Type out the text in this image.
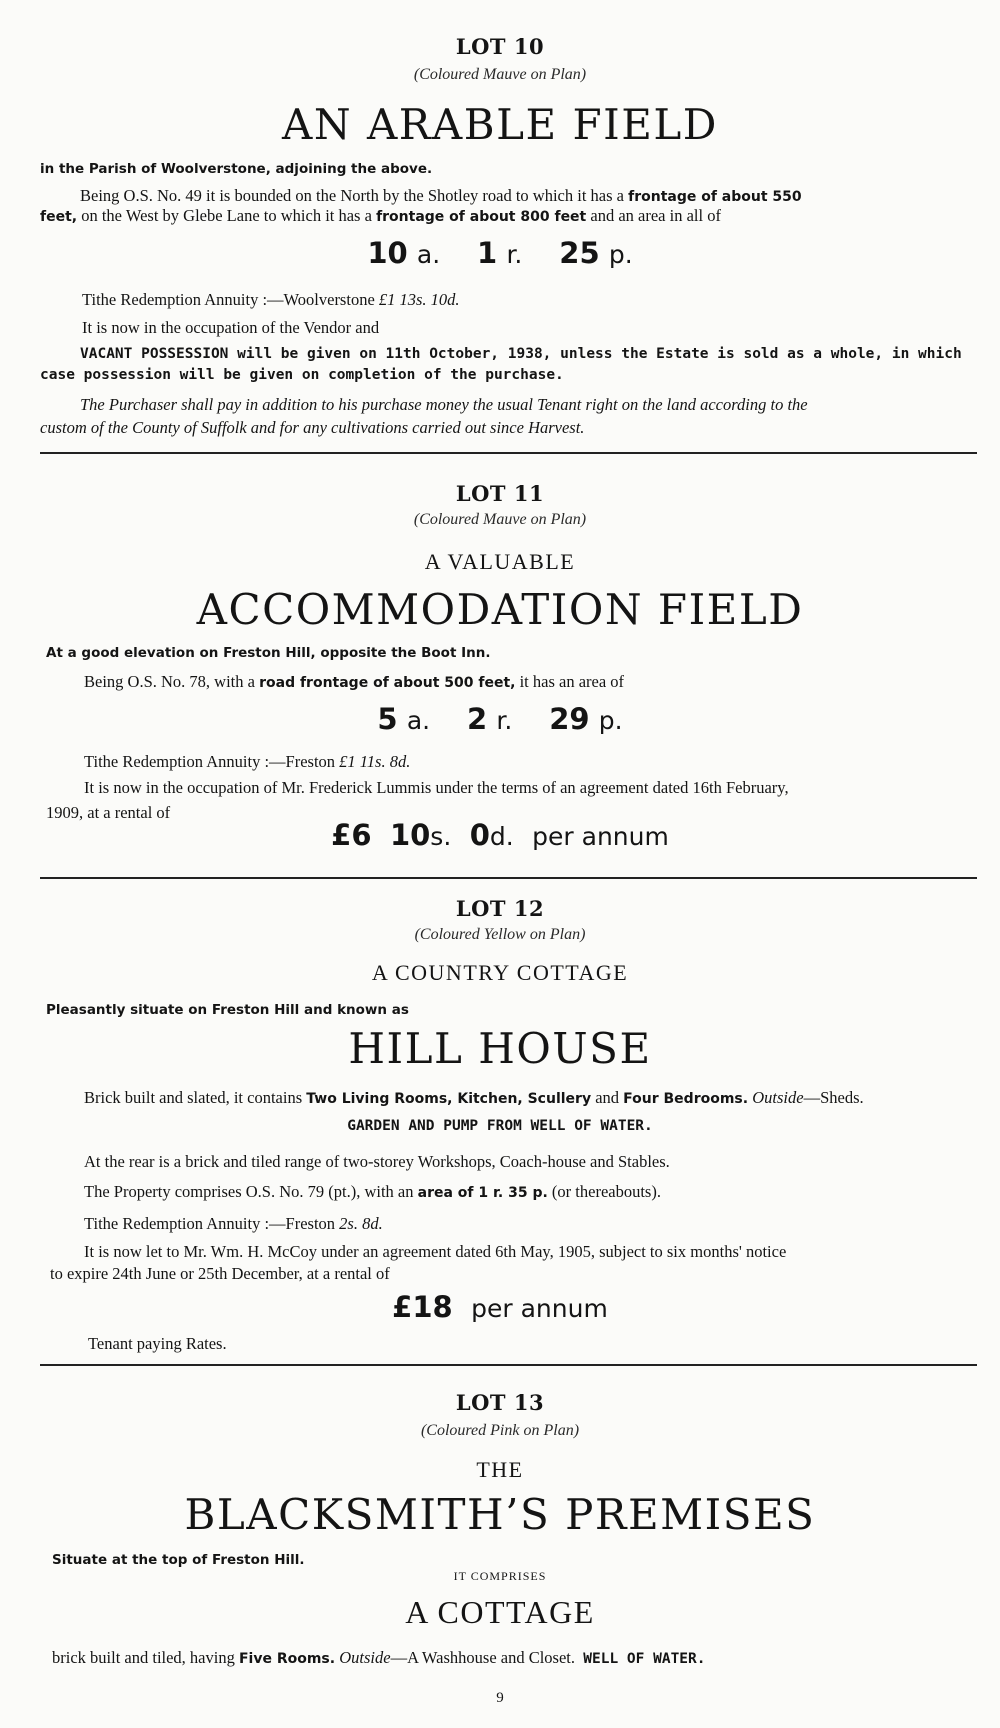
LOT 10
(Coloured Mauve on Plan)
AN ARABLE FIELD
in the Parish of Woolverstone, adjoining the above.
Being O.S. No. 49 it is bounded on the North by the Shotley road to which it has a frontage of about 550
feet, on the West by Glebe Lane to which it has a frontage of about 800 feet and an area in all of
10 a. 1 r. 25 p.
Tithe Redemption Annuity :—Woolverstone £1 13s. 10d.
It is now in the occupation of the Vendor and
VACANT POSSESSION will be given on 11th October, 1938, unless the Estate is sold as a whole, in which
case possession will be given on completion of the purchase.
The Purchaser shall pay in addition to his purchase money the usual Tenant right on the land according to the
custom of the County of Suffolk and for any cultivations carried out since Harvest.
LOT 11
(Coloured Mauve on Plan)
A VALUABLE
ACCOMMODATION FIELD
At a good elevation on Freston Hill, opposite the Boot Inn.
Being O.S. No. 78, with a road frontage of about 500 feet, it has an area of
5 a. 2 r. 29 p.
Tithe Redemption Annuity :—Freston £1 11s. 8d.
It is now in the occupation of Mr. Frederick Lummis under the terms of an agreement dated 16th February,
1909, at a rental of
£6 10s. 0d. per annum
LOT 12
(Coloured Yellow on Plan)
A COUNTRY COTTAGE
Pleasantly situate on Freston Hill and known as
HILL HOUSE
Brick built and slated, it contains Two Living Rooms, Kitchen, Scullery and Four Bedrooms. Outside—Sheds.
GARDEN AND PUMP FROM WELL OF WATER.
At the rear is a brick and tiled range of two-storey Workshops, Coach-house and Stables.
The Property comprises O.S. No. 79 (pt.), with an area of 1 r. 35 p. (or thereabouts).
Tithe Redemption Annuity :—Freston 2s. 8d.
It is now let to Mr. Wm. H. McCoy under an agreement dated 6th May, 1905, subject to six months' notice
to expire 24th June or 25th December, at a rental of
£18 per annum
Tenant paying Rates.
LOT 13
(Coloured Pink on Plan)
THE
BLACKSMITH’S PREMISES
Situate at the top of Freston Hill.
IT COMPRISES
A COTTAGE
brick built and tiled, having Five Rooms. Outside—A Washhouse and Closet. WELL OF WATER.
9
